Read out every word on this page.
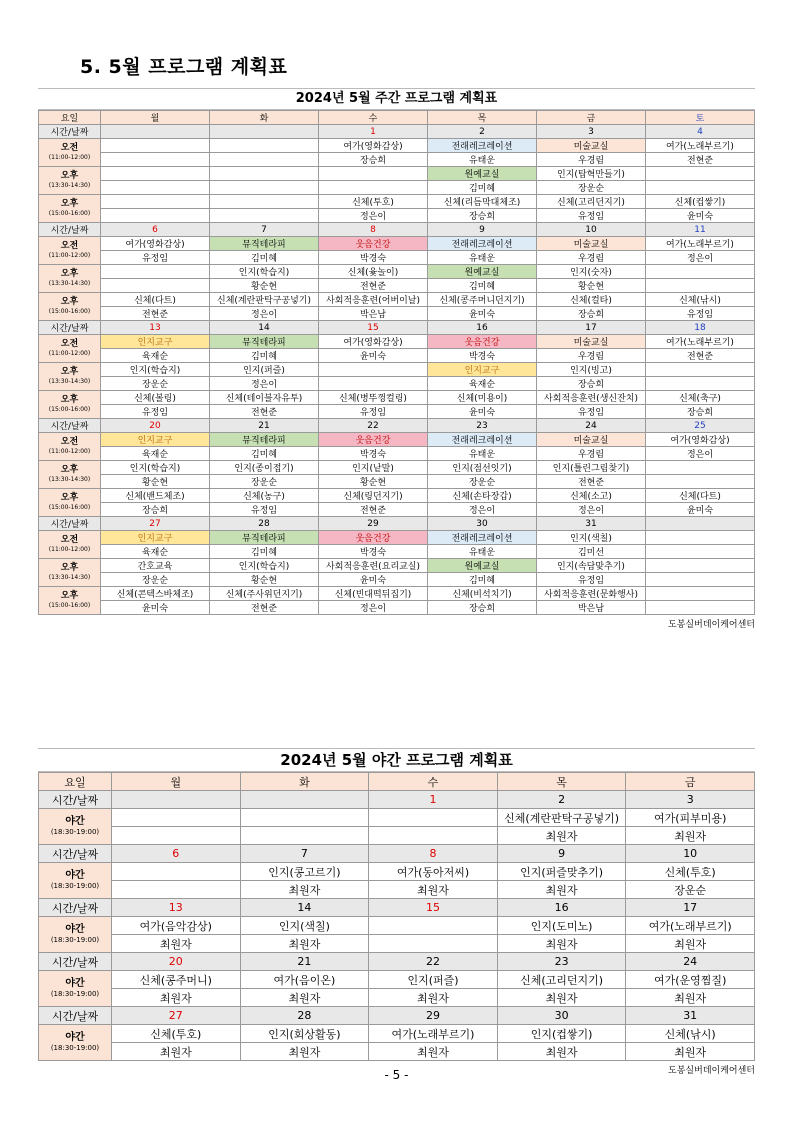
5. 5월 프로그램 계획표
2024년 5월 주간 프로그램 계획표
요일	월	화	수	목	금	토
시간/날짜			1	2	3	4

오전
(11:00-12:00)			여가(영화감상)	전래레크레이션	미술교실	여가(노래부르기)
			장승희	유태운	우경림	전현준

오후
(13:30-14:30)				원예교실	인지(탑혁만들기)	
				김미혜	장운순	

오후
(15:00-16:00)			신체(투호)	신체(리듬막대체조)	신체(고리던지기)	신체(컵쌓기)
			정은이	장승희	유정임	윤미숙
시간/날짜	6	7	8	9	10	11

오전
(11:00-12:00)	여가(영화감상)	뮤직테라피	웃음건강	전래레크레이션	미술교실	여가(노래부르기)
	유정임	김미혜	박경숙	유태운	우경림	정은이

오후
(13:30-14:30)		인지(학습지)	신체(윷놀이)	원예교실	인지(숫자)	
		황순현	전현준	김미혜	황순현	

오후
(15:00-16:00)	신체(다트)	신체(계란판탁구공넣기)	사회적응훈련(어버이날)	신체(콩주머니던지기)	신체(컬타)	신체(낚시)
	전현준	정은이	박은남	윤미숙	장승희	유정임
시간/날짜	13	14	15	16	17	18

오전
(11:00-12:00)	인지교구	뮤직테라피	여가(영화감상)	웃음건강	미술교실	여가(노래부르기)
	육재순	김미혜	윤미숙	박경숙	우경림	전현준

오후
(13:30-14:30)	인지(학습지)	인지(퍼즐)		인지교구	인지(빙고)	
	장운순	정은이		육재순	장승희	

오후
(15:00-16:00)	신체(볼링)	신체(테이블자유투)	신체(병뚜껑컬링)	신체(미용이)	사회적응훈련(생신잔치)	신체(축구)
	유정임	전현준	유정임	윤미숙	유정임	장승희
시간/날짜	20	21	22	23	24	25

오전
(11:00-12:00)	인지교구	뮤직테라피	웃음건강	전래레크레이션	미술교실	여가(영화감상)
	육재순	김미혜	박경숙	유태운	우경림	정은이

오후
(13:30-14:30)	인지(학습지)	인지(종이접기)	인지(낱말)	인지(점선잇기)	인지(틀린그림찾기)	
	황순현	장운순	황순현	장운순	전현준	

오후
(15:00-16:00)	신체(밴드체조)	신체(농구)	신체(링던지기)	신체(손타장갑)	신체(소고)	신체(다트)
	장승희	유정임	전현준	정은이	정은이	윤미숙
시간/날짜	27	28	29	30	31	

오전
(11:00-12:00)	인지교구	뮤직테라피	웃음건강	전래레크레이션	인지(색칠)	
	육재순	김미혜	박경숙	유태운	김미선	

오후
(13:30-14:30)	간호교육	인지(학습지)	사회적응훈련(요리교실)	원예교실	인지(속담맞추기)	
	장운순	황순현	윤미숙	김미혜	유정임	

오후
(15:00-16:00)	신체(콘텍스바체조)	신체(주사위던지기)	신체(빈대떡뒤집기)	신체(비석치기)	사회적응훈련(문화행사)	
	윤미숙	전현준	정은이	장승희	박은남	
도봉실버데이케어센터
2024년 5월 야간 프로그램 계획표
요일	월	화	수	목	금
시간/날짜			1	2	3

야간
(18:30-19:00)				신체(계란판탁구공넣기)	여가(피부미용)
				최원자	최원자
시간/날짜	6	7	8	9	10

야간
(18:30-19:00)		인지(콩고르기)	여가(동아저씨)	인지(퍼즐맞추기)	신체(투호)
		최원자	최원자	최원자	장운순
시간/날짜	13	14	15	16	17

야간
(18:30-19:00)	여가(음악감상)	인지(색칠)		인지(도미노)	여가(노래부르기)
	최원자	최원자		최원자	최원자
시간/날짜	20	21	22	23	24

야간
(18:30-19:00)	신체(콩주머니)	여가(음이온)	인지(퍼즐)	신체(고리던지기)	여가(운영찜질)
	최원자	최원자	최원자	최원자	최원자
시간/날짜	27	28	29	30	31

야간
(18:30-19:00)	신체(투호)	인지(회상활동)	여가(노래부르기)	인지(컵쌓기)	신체(낚시)
	최원자	최원자	최원자	최원자	최원자
도봉실버데이케어센터
- 5 -
